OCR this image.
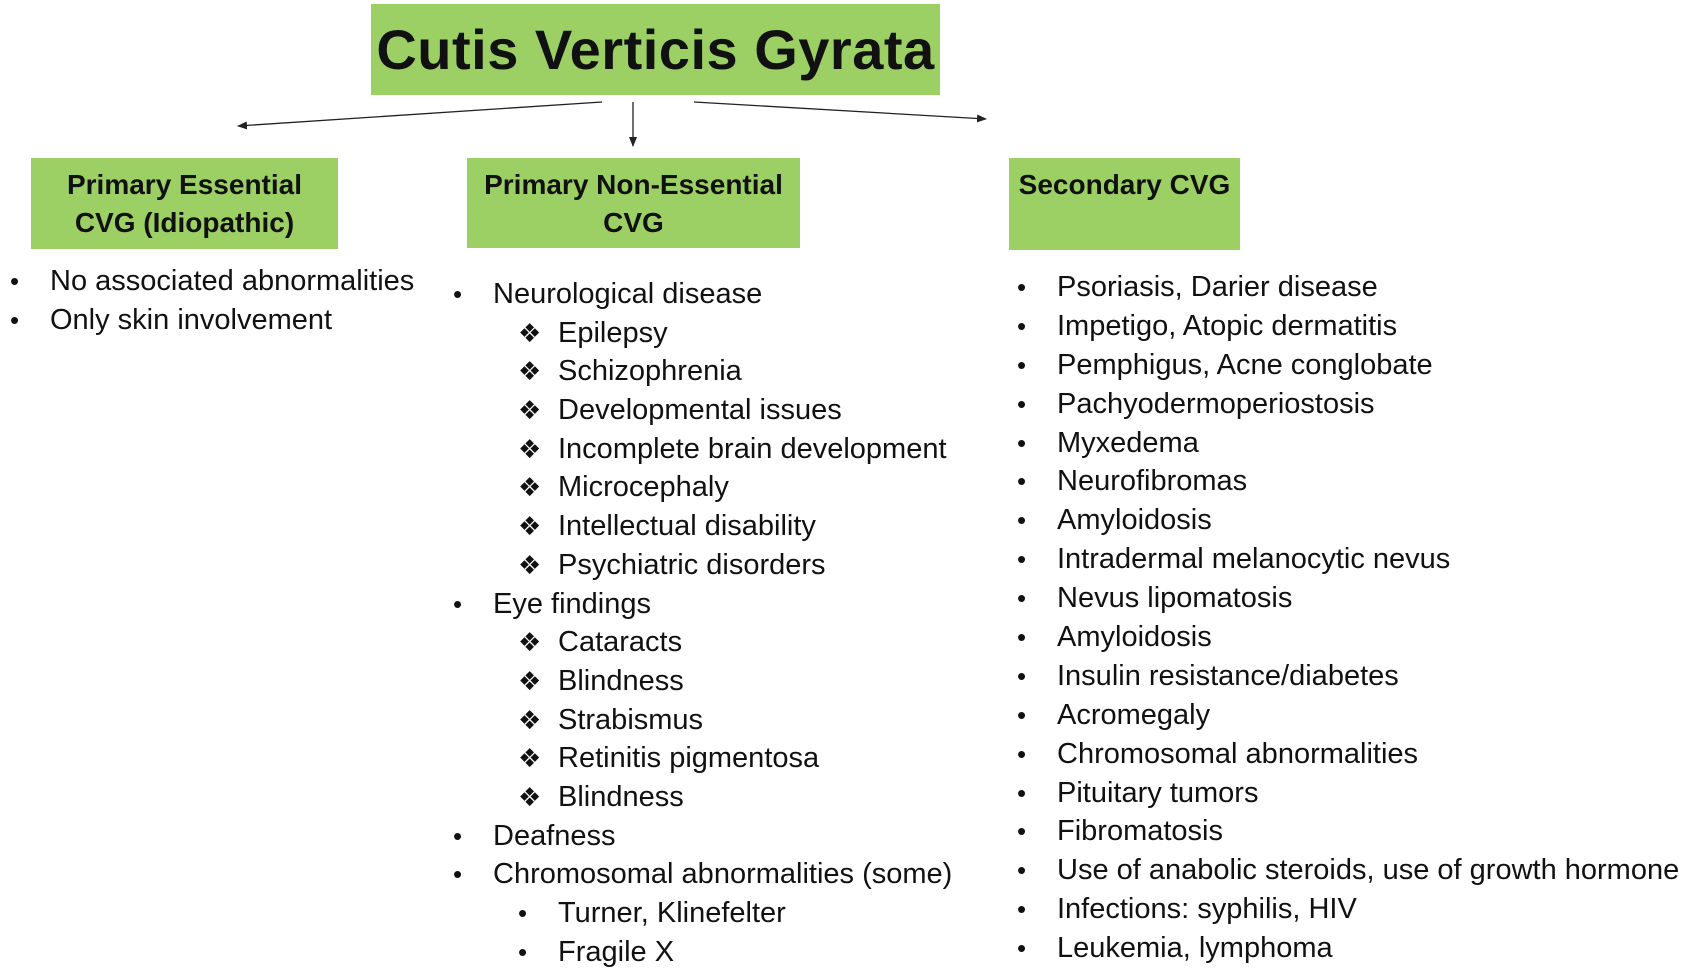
Cutis Verticis Gyrata
Primary Essential
CVG (Idiopathic)
Primary Non-Essential
CVG
Secondary CVG
• No associated abnormalities
• Only skin involvement
• Neurological disease
❖ Epilepsy
❖ Schizophrenia
❖ Developmental issues
❖ Incomplete brain development
❖ Microcephaly
❖ Intellectual disability
❖ Psychiatric disorders
• Eye findings
❖ Cataracts
❖ Blindness
❖ Strabismus
❖ Retinitis pigmentosa
❖ Blindness
• Deafness
• Chromosomal abnormalities (some)
• Turner, Klinefelter
• Fragile X
• Psoriasis, Darier disease
• Impetigo, Atopic dermatitis
• Pemphigus, Acne conglobate
• Pachyodermoperiostosis
• Myxedema
• Neurofibromas
• Amyloidosis
• Intradermal melanocytic nevus
• Nevus lipomatosis
• Amyloidosis
• Insulin resistance/diabetes
• Acromegaly
• Chromosomal abnormalities
• Pituitary tumors
• Fibromatosis
• Use of anabolic steroids, use of growth hormone
• Infections: syphilis, HIV
• Leukemia, lymphoma
